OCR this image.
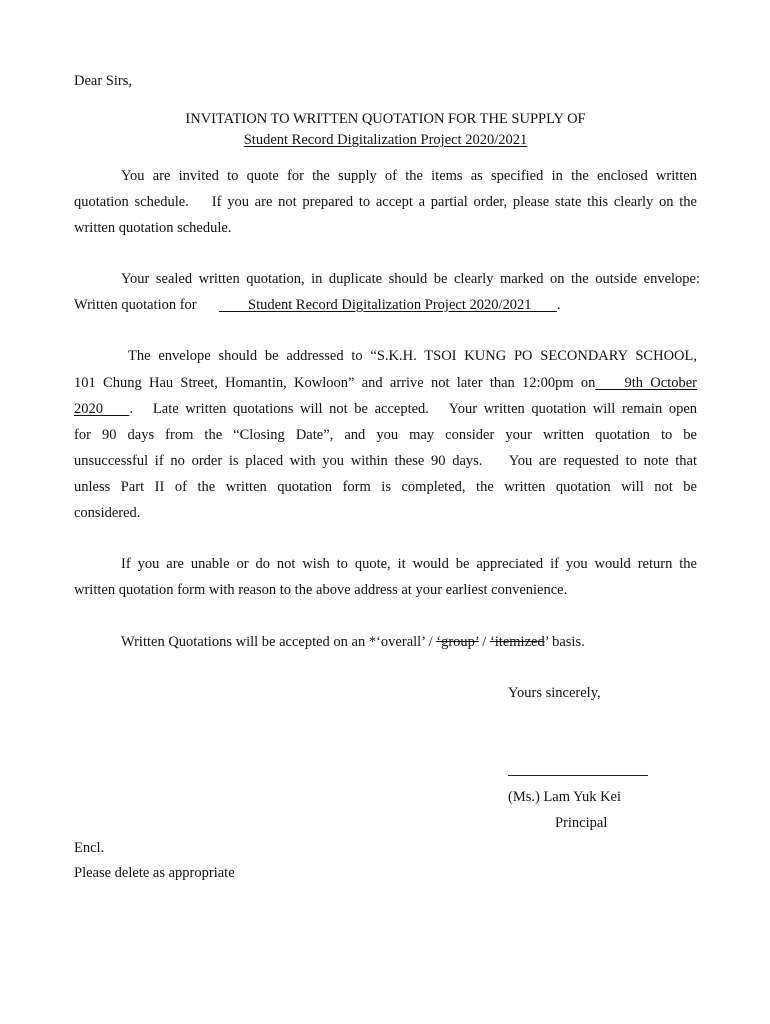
Dear Sirs,
INVITATION TO WRITTEN QUOTATION FOR THE SUPPLY OF
Student Record Digitalization Project 2020/2021
You are invited to quote for the supply of the items as specified in the enclosed written
quotation schedule.    If you are not prepared to accept a partial order, please state this clearly on the
written quotation schedule.
Your sealed written quotation, in duplicate should be clearly marked on the outside envelope:
Written quotation for Student Record Digitalization Project 2020/2021       .
The envelope should be addressed to “S.K.H. TSOI KUNG PO SECONDARY SCHOOL,
101 Chung Hau Street, Homantin, Kowloon” and arrive not later than 12:00pm on    9th October
2020    .   Late written quotations will not be accepted.   Your written quotation will remain open
for 90 days from the “Closing Date”, and you may consider your written quotation to be
unsuccessful if no order is placed with you within these 90 days.    You are requested to note that
unless Part II of the written quotation form is completed, the written quotation will not be
considered.
If you are unable or do not wish to quote, it would be appreciated if you would return the
written quotation form with reason to the above address at your earliest convenience.
Written Quotations will be accepted on an *‘overall’ / ‘group’ / ‘itemized’ basis.
Yours sincerely,
(Ms.) Lam Yuk Kei
Principal
Encl.
Please delete as appropriate
